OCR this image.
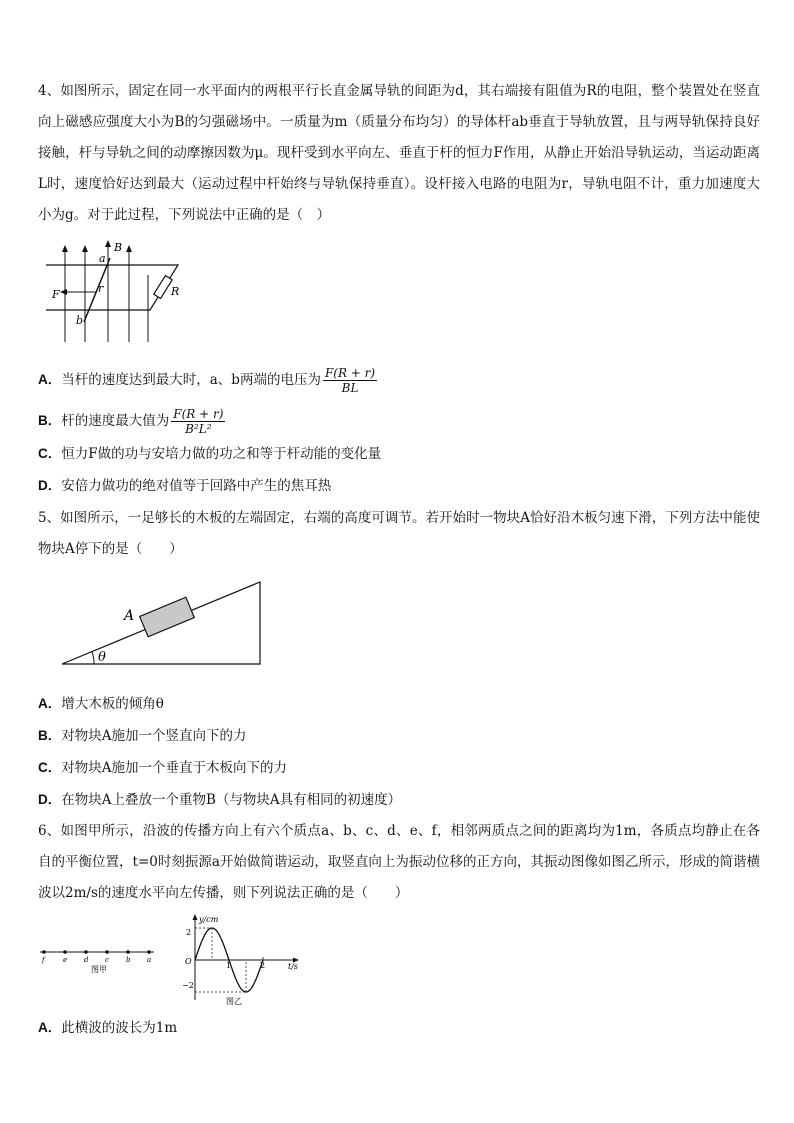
4、如图所示，固定在同一水平面内的两根平行长直金属导轨的间距为d，其右端接有阻值为R的电阻，整个装置处在竖直向上磁感应强度大小为B的匀强磁场中。一质量为m（质量分布均匀）的导体杆ab垂直于导轨放置，且与两导轨保持良好接触，杆与导轨之间的动摩擦因数为μ。现杆受到水平向左、垂直于杆的恒力F作用，从静止开始沿导轨运动，当运动距离L时，速度恰好达到最大（运动过程中杆始终与导轨保持垂直）。设杆接入电路的电阻为r，导轨电阻不计，重力加速度大小为g。对于此过程，下列说法中正确的是（　）
B
a
b
F	r	R
A．当杆的速度达到最大时，a、b两端的电压为 $\frac{F(R + r)}{BL}$
B．杆的速度最大值为 $\frac{F(R + r)}{\text{B²L²}}$
C．恒力F做的功与安培力做的功之和等于杆动能的变化量
D．安倍力做功的绝对值等于回路中产生的焦耳热
5、如图所示，一足够长的木板的左端固定，右端的高度可调节。若开始时一物块A恰好沿木板匀速下滑，下列方法中能使物块A停下的是（　　）
A
θ
A．增大木板的倾角θ
B．对物块A施加一个竖直向下的力
C．对物块A施加一个垂直于木板向下的力
D．在物块A上叠放一个重物B（与物块A具有相同的初速度）
6、如图甲所示，沿波的传播方向上有六个质点a、b、c、d、e、f，相邻两质点之间的距离均为1m，各质点均静止在各自的平衡位置，t=0时刻振源a开始做简谐运动，取竖直向上为振动位移的正方向，其振动图像如图乙所示，形成的简谐横波以2m/s的速度水平向左传播，则下列说法正确的是（　　）
图甲
f	e d c b a
y/cm
t/s
2
−2
O	1	2
图乙
A．此横波的波长为1m
